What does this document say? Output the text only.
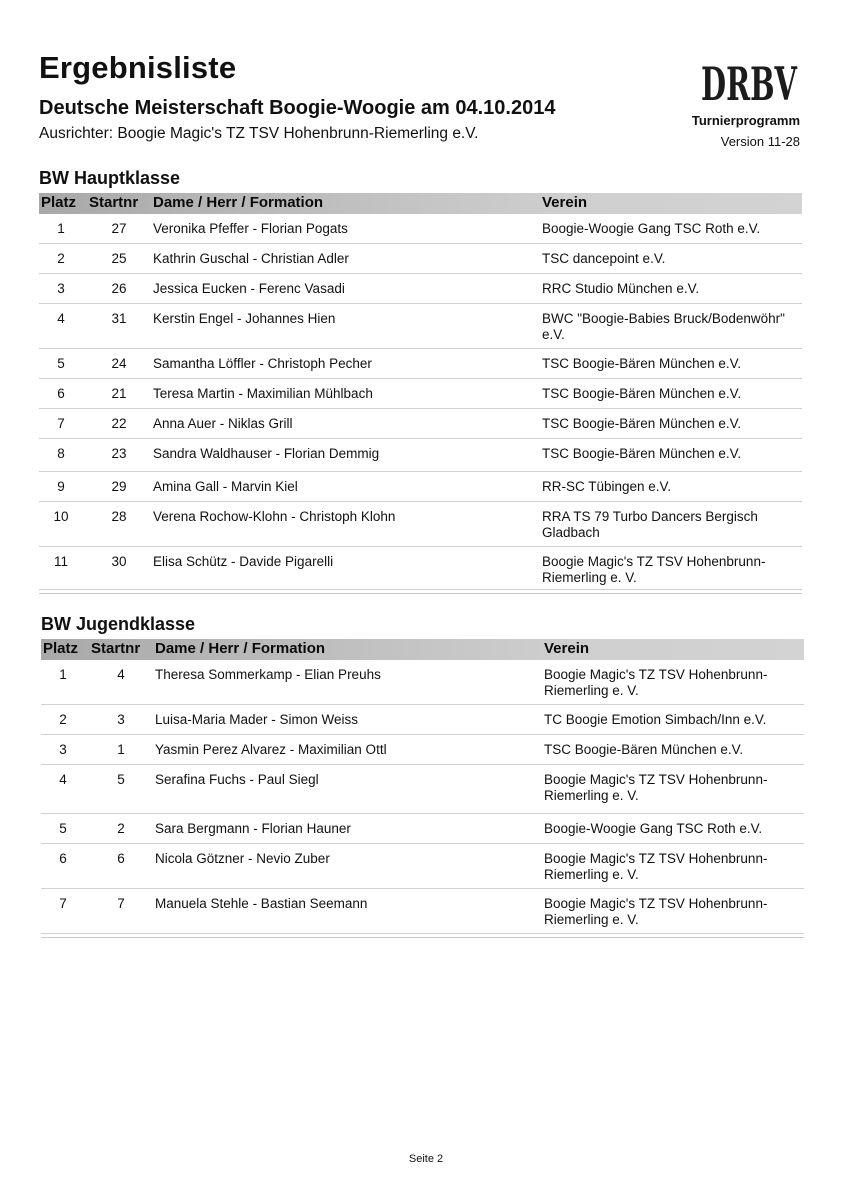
Ergebnisliste
Deutsche Meisterschaft Boogie-Woogie am 04.10.2014
Ausrichter: Boogie Magic's TZ TSV Hohenbrunn-Riemerling e.V.
DRBV
Turnierprogramm
Version 11-28
BW Hauptklasse
Platz Startnr Dame / Herr / Formation	Verein
1	27	Veronika Pfeffer - Florian Pogats	Boogie-Woogie Gang TSC Roth e.V.
2	25	Kathrin Guschal - Christian Adler	TSC dancepoint e.V.
3	26	Jessica Eucken - Ferenc Vasadi	RRC Studio München e.V.
4	31	Kerstin Engel - Johannes Hien	BWC "Boogie-Babies Bruck/Bodenwöhr" e.V.
5	24	Samantha Löffler - Christoph Pecher	TSC Boogie-Bären München e.V.
6	21	Teresa Martin - Maximilian Mühlbach	TSC Boogie-Bären München e.V.
7	22	Anna Auer - Niklas Grill	TSC Boogie-Bären München e.V.
8	23	Sandra Waldhauser - Florian Demmig	TSC Boogie-Bären München e.V.
9	29	Amina Gall - Marvin Kiel	RR-SC Tübingen e.V.
10	28	Verena Rochow-Klohn - Christoph Klohn	RRA TS 79 Turbo Dancers Bergisch Gladbach
11	30	Elisa Schütz - Davide Pigarelli	Boogie Magic's TZ TSV Hohenbrunn-Riemerling e. V.
BW Jugendklasse
Platz Startnr Dame / Herr / Formation	Verein
1	4	Theresa Sommerkamp - Elian Preuhs	Boogie Magic's TZ TSV Hohenbrunn-Riemerling e. V.
2	3	Luisa-Maria Mader - Simon Weiss	TC Boogie Emotion Simbach/Inn e.V.
3	1	Yasmin Perez Alvarez - Maximilian Ottl	TSC Boogie-Bären München e.V.
4	5	Serafina Fuchs - Paul Siegl	Boogie Magic's TZ TSV Hohenbrunn-Riemerling e. V.
5	2	Sara Bergmann - Florian Hauner	Boogie-Woogie Gang TSC Roth e.V.
6	6	Nicola Götzner - Nevio Zuber	Boogie Magic's TZ TSV Hohenbrunn-Riemerling e. V.
7	7	Manuela Stehle - Bastian Seemann	Boogie Magic's TZ TSV Hohenbrunn-Riemerling e. V.
Seite 2
